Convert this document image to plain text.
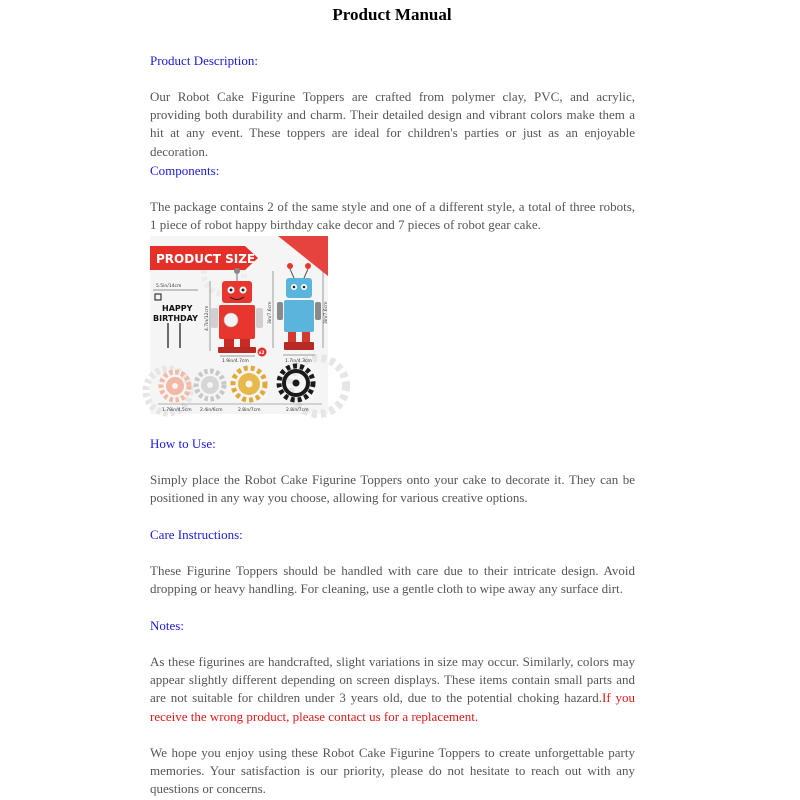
Product Manual
Product Description:
Our Robot Cake Figurine Toppers are crafted from polymer clay, PVC, and acrylic, providing both durability and charm. Their detailed design and vibrant colors make them a hit at any event. These toppers are ideal for children's parties or just as an enjoyable decoration.
Components:
The package contains 2 of the same style and one of a different style, a total of three robots, 1 piece of robot happy birthday cake decor and 7 pieces of robot gear cake.
PRODUCT SIZE
5.5in/14cm
HAPPY
BIRTHDAY 4.7in/12cm
1.9in/4.7cm
x2
3in/7.6cm	3in/7.6cm
1.7in/4.3cm
1.78in/4.5cm 2.4in/6cm	2.8in/7cm	2.8in/7cm
How to Use:
Simply place the Robot Cake Figurine Toppers onto your cake to decorate it. They can be positioned in any way you choose, allowing for various creative options.
Care Instructions:
These Figurine Toppers should be handled with care due to their intricate design. Avoid dropping or heavy handling. For cleaning, use a gentle cloth to wipe away any surface dirt.
Notes:
As these figurines are handcrafted, slight variations in size may occur. Similarly, colors may appear slightly different depending on screen displays. These items contain small parts and are not suitable for children under 3 years old, due to the potential choking hazard.If you receive the wrong product, please contact us for a replacement.
We hope you enjoy using these Robot Cake Figurine Toppers to create unforgettable party memories. Your satisfaction is our priority, please do not hesitate to reach out with any questions or concerns.
